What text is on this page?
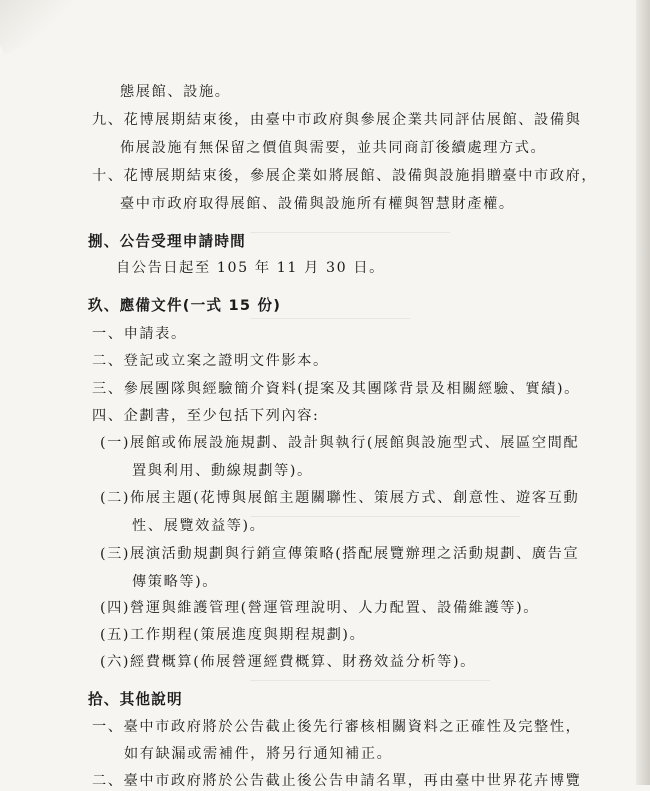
態展館、設施。
九、花博展期結束後，由臺中市政府與參展企業共同評估展館、設備與
佈展設施有無保留之價值與需要，並共同商訂後續處理方式。
十、花博展期結束後，參展企業如將展館、設備與設施捐贈臺中市政府，
臺中市政府取得展館、設備與設施所有權與智慧財產權。
捌、公告受理申請時間
自公告日起至 105 年 11 月 30 日。
玖、應備文件(一式 15 份)
一、申請表。
二、登記或立案之證明文件影本。
三、參展團隊與經驗簡介資料(提案及其團隊背景及相關經驗、實績)。
四、企劃書，至少包括下列內容:
(一)展館或佈展設施規劃、設計與執行(展館與設施型式、展區空間配
置與利用、動線規劃等)。
(二)佈展主題(花博與展館主題關聯性、策展方式、創意性、遊客互動
性、展覽效益等)。
(三)展演活動規劃與行銷宣傳策略(搭配展覽辦理之活動規劃、廣告宣
傳策略等)。
(四)營運與維護管理(營運管理說明、人力配置、設備維護等)。
(五)工作期程(策展進度與期程規劃)。
(六)經費概算(佈展營運經費概算、財務效益分析等)。
拾、其他說明
一、臺中市政府將於公告截止後先行審核相關資料之正確性及完整性，
如有缺漏或需補件，將另行通知補正。
二、臺中市政府將於公告截止後公告申請名單，再由臺中世界花卉博覽
